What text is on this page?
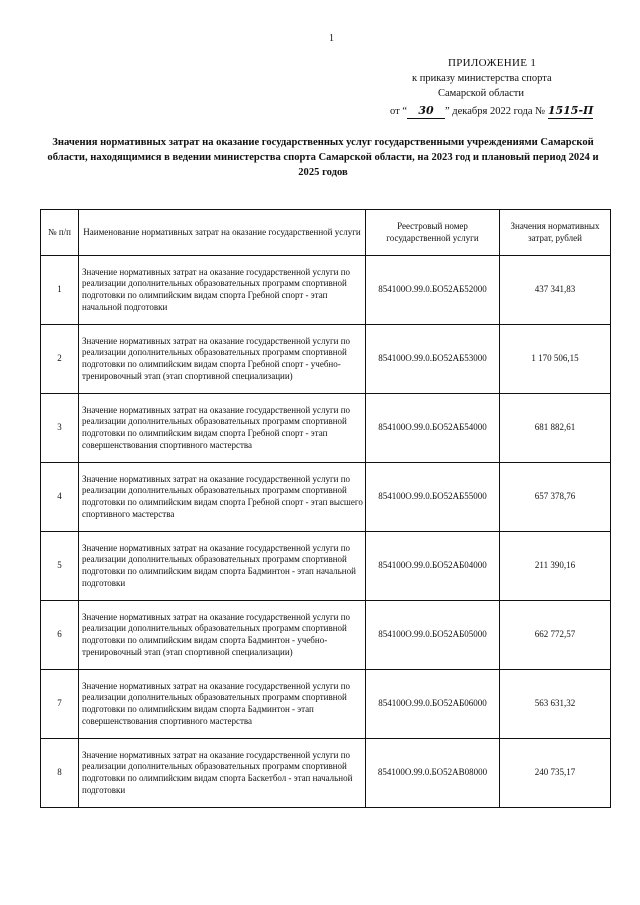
1
ПРИЛОЖЕНИЕ 1
к приказу министерства спорта
Самарской области
от “ 30 ” декабря 2022 года № 1515-П
Значения нормативных затрат на оказание государственных услуг государственными учреждениями Самарской области, находящимися в ведении министерства спорта Самарской области, на 2023 год и плановый период 2024 и 2025 годов
№ п/п	Наименование нормативных затрат на оказание государственной услуги	Реестровый номер государственной услуги	Значения нормативных затрат, рублей
1	Значение нормативных затрат на оказание государственной услуги по реализации дополнительных образовательных программ спортивной подготовки по олимпийским видам спорта Гребной спорт - этап начальной подготовки	854100О.99.0.БО52АБ52000	437 341,83
2	Значение нормативных затрат на оказание государственной услуги по реализации дополнительных образовательных программ спортивной подготовки по олимпийским видам спорта Гребной спорт - учебно-тренировочный этап (этап спортивной специализации)	854100О.99.0.БО52АБ53000	1 170 506,15
3	Значение нормативных затрат на оказание государственной услуги по реализации дополнительных образовательных программ спортивной подготовки по олимпийским видам спорта Гребной спорт - этап совершенствования спортивного мастерства	854100О.99.0.БО52АБ54000	681 882,61
4	Значение нормативных затрат на оказание государственной услуги по реализации дополнительных образовательных программ спортивной подготовки по олимпийским видам спорта Гребной спорт - этап высшего спортивного мастерства	854100О.99.0.БО52АБ55000	657 378,76
5	Значение нормативных затрат на оказание государственной услуги по реализации дополнительных образовательных программ спортивной подготовки по олимпийским видам спорта Бадминтон - этап начальной подготовки	854100О.99.0.БО52АБ04000	211 390,16
6	Значение нормативных затрат на оказание государственной услуги по реализации дополнительных образовательных программ спортивной подготовки по олимпийским видам спорта Бадминтон - учебно-тренировочный этап (этап спортивной специализации)	854100О.99.0.БО52АБ05000	662 772,57
7	Значение нормативных затрат на оказание государственной услуги по реализации дополнительных образовательных программ спортивной подготовки по олимпийским видам спорта Бадминтон - этап совершенствования спортивного мастерства	854100О.99.0.БО52АБ06000	563 631,32
8	Значение нормативных затрат на оказание государственной услуги по реализации дополнительных образовательных программ спортивной подготовки по олимпийским видам спорта Баскетбол - этап начальной подготовки	854100О.99.0.БО52АВ08000	240 735,17
